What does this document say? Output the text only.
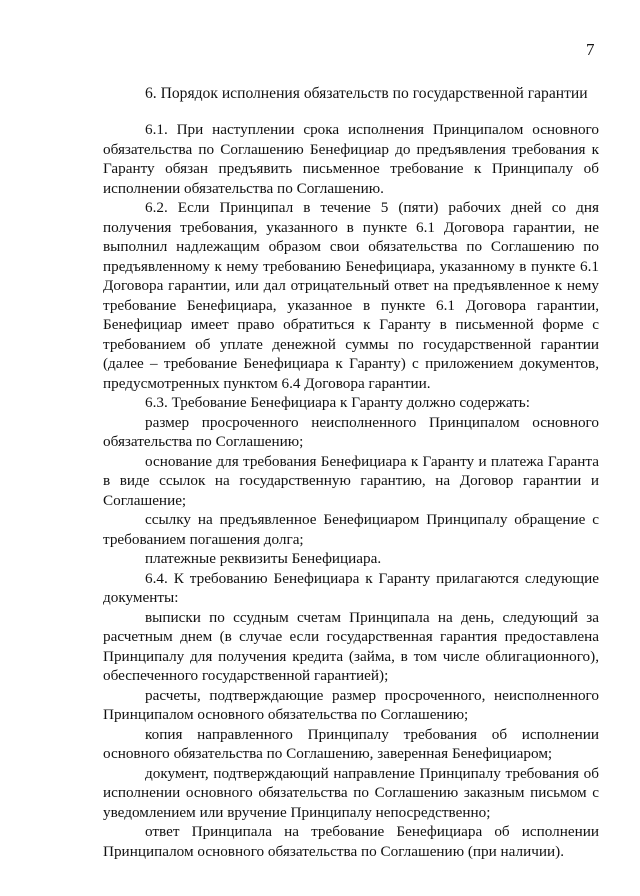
7
6. Порядок исполнения обязательств по государственной гарантии

6.1. При наступлении срока исполнения Принципалом основного обязательства по Соглашению Бенефициар до предъявления требования к Гаранту обязан предъявить письменное требование к Принципалу об исполнении обязательства по Соглашению.

6.2. Если Принципал в течение 5 (пяти) рабочих дней со дня получения требования, указанного в пункте 6.1 Договора гарантии, не выполнил надлежащим образом свои обязательства по Соглашению по предъявленному к нему требованию Бенефициара, указанному в пункте 6.1 Договора гарантии, или дал отрицательный ответ на предъявленное к нему требование Бенефициара, указанное в пункте 6.1 Договора гарантии, Бенефициар имеет право обратиться к Гаранту в письменной форме с требованием об уплате денежной суммы по государственной гарантии (далее – требование Бенефициара к Гаранту) с приложением документов, предусмотренных пунктом 6.4 Договора гарантии.

6.3. Требование Бенефициара к Гаранту должно содержать:

размер просроченного неисполненного Принципалом основного обязательства по Соглашению;

основание для требования Бенефициара к Гаранту и платежа Гаранта в виде ссылок на государственную гарантию, на Договор гарантии и Соглашение;

ссылку на предъявленное Бенефициаром Принципалу обращение с требованием погашения долга;

платежные реквизиты Бенефициара.

6.4. К требованию Бенефициара к Гаранту прилагаются следующие документы:

выписки по ссудным счетам Принципала на день, следующий за расчетным днем (в случае если государственная гарантия предоставлена Принципалу для получения кредита (займа, в том числе облигационного), обеспеченного государственной гарантией);

расчеты, подтверждающие размер просроченного, неисполненного Принципалом основного обязательства по Соглашению;

копия направленного Принципалу требования об исполнении основного обязательства по Соглашению, заверенная Бенефициаром;

документ, подтверждающий направление Принципалу требования об исполнении основного обязательства по Соглашению заказным письмом с уведомлением или вручение Принципалу непосредственно;

ответ Принципала на требование Бенефициара об исполнении Принципалом основного обязательства по Соглашению (при наличии).
